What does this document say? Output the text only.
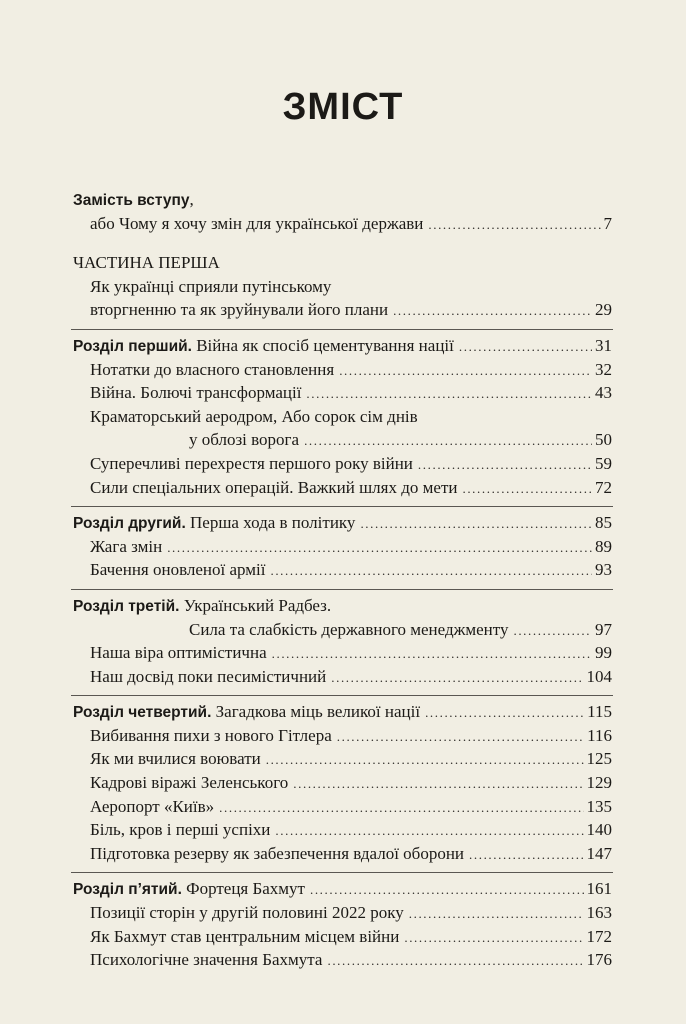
ЗМІСТ
Замість вступу,
або Чому я хочу змін для української держави .....	7
ЧАСТИНА ПЕРША
Як українці сприяли путінському
вторгненню та як зруйнували його плани .....	29
Розділ перший. Війна як спосіб цементування нації .....	31
Нотатки до власного становлення .....	32
Війна. Болючі трансформації .....	43
Краматорський аеродром, Або сорок сім днів
у облозі ворога .....	50
Суперечливі перехрестя першого року війни .....	59
Сили спеціальних операцій. Важкий шлях до мети .....	72
Розділ другий. Перша хода в політику .....	85
Жага змін .....	89
Бачення оновленої армії .....	93
Розділ третій. Український Радбез.
Сила та слабкість державного менеджменту .....	97
Наша віра оптимістична .....	99
Наш досвід поки песимістичний .....	104
Розділ четвертий. Загадкова міць великої нації .....	115
Вибивання пихи з нового Гітлера .....	116
Як ми вчилися воювати .....	125
Кадрові віражі Зеленського .....	129
Аеропорт «Київ» .....	135
Біль, кров і перші успіхи .....	140
Підготовка резерву як забезпечення вдалої оборони .....	147
Розділ п’ятий. Фортеця Бахмут .....	161
Позиції сторін у другій половині 2022 року .....	163
Як Бахмут став центральним місцем війни .....	172
Психологічне значення Бахмута .....	176
